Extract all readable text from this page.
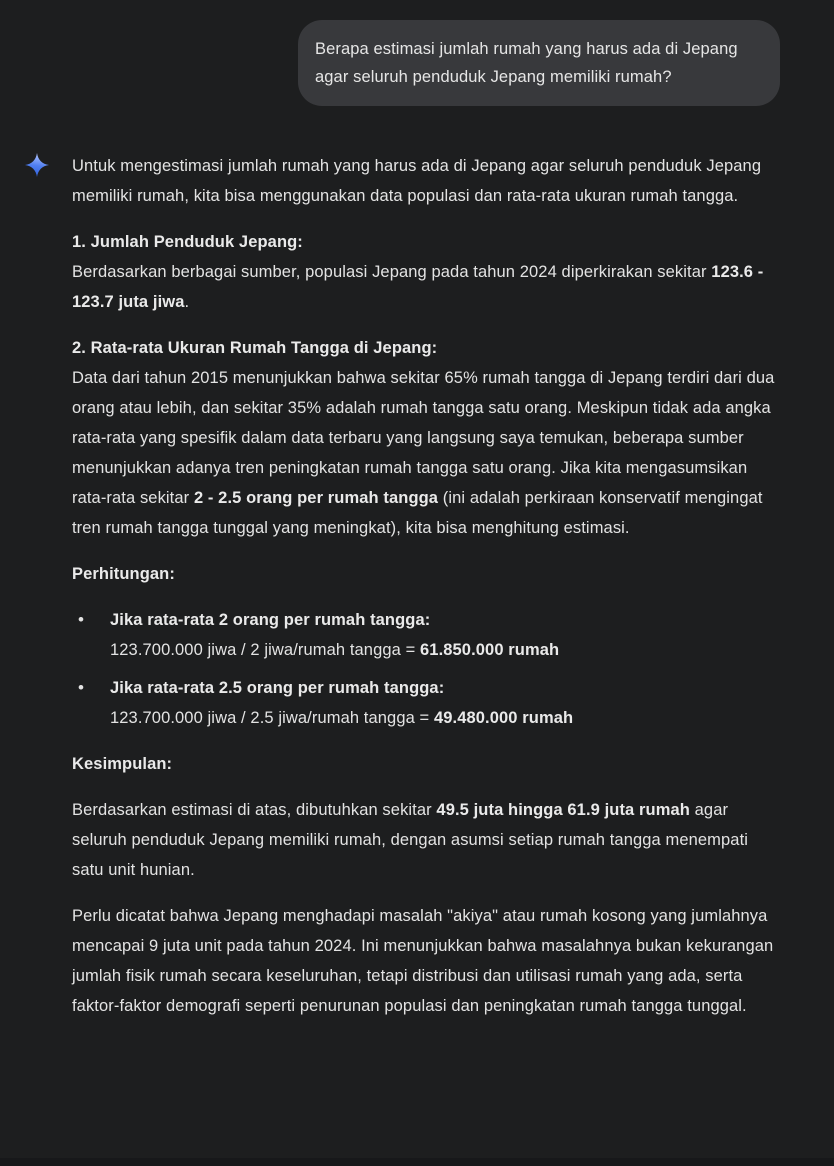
Berapa estimasi jumlah rumah yang harus ada di Jepang agar seluruh penduduk Jepang memiliki rumah?

Untuk mengestimasi jumlah rumah yang harus ada di Jepang agar seluruh penduduk Jepang memiliki rumah, kita bisa menggunakan data populasi dan rata-rata ukuran rumah tangga.

1. Jumlah Penduduk Jepang:
Berdasarkan berbagai sumber, populasi Jepang pada tahun 2024 diperkirakan sekitar 123.6 - 123.7 juta jiwa.

2. Rata-rata Ukuran Rumah Tangga di Jepang:
Data dari tahun 2015 menunjukkan bahwa sekitar 65% rumah tangga di Jepang terdiri dari dua orang atau lebih, dan sekitar 35% adalah rumah tangga satu orang. Meskipun tidak ada angka rata-rata yang spesifik dalam data terbaru yang langsung saya temukan, beberapa sumber menunjukkan adanya tren peningkatan rumah tangga satu orang. Jika kita mengasumsikan rata-rata sekitar 2 - 2.5 orang per rumah tangga (ini adalah perkiraan konservatif mengingat tren rumah tangga tunggal yang meningkat), kita bisa menghitung estimasi.

Perhitungan:

• Jika rata-rata 2 orang per rumah tangga:
123.700.000 jiwa / 2 jiwa/rumah tangga = 61.850.000 rumah
• Jika rata-rata 2.5 orang per rumah tangga:
123.700.000 jiwa / 2.5 jiwa/rumah tangga = 49.480.000 rumah

Kesimpulan:

Berdasarkan estimasi di atas, dibutuhkan sekitar 49.5 juta hingga 61.9 juta rumah agar seluruh penduduk Jepang memiliki rumah, dengan asumsi setiap rumah tangga menempati satu unit hunian.

Perlu dicatat bahwa Jepang menghadapi masalah "akiya" atau rumah kosong yang jumlahnya mencapai 9 juta unit pada tahun 2024. Ini menunjukkan bahwa masalahnya bukan kekurangan jumlah fisik rumah secara keseluruhan, tetapi distribusi dan utilisasi rumah yang ada, serta faktor-faktor demografi seperti penurunan populasi dan peningkatan rumah tangga tunggal.
